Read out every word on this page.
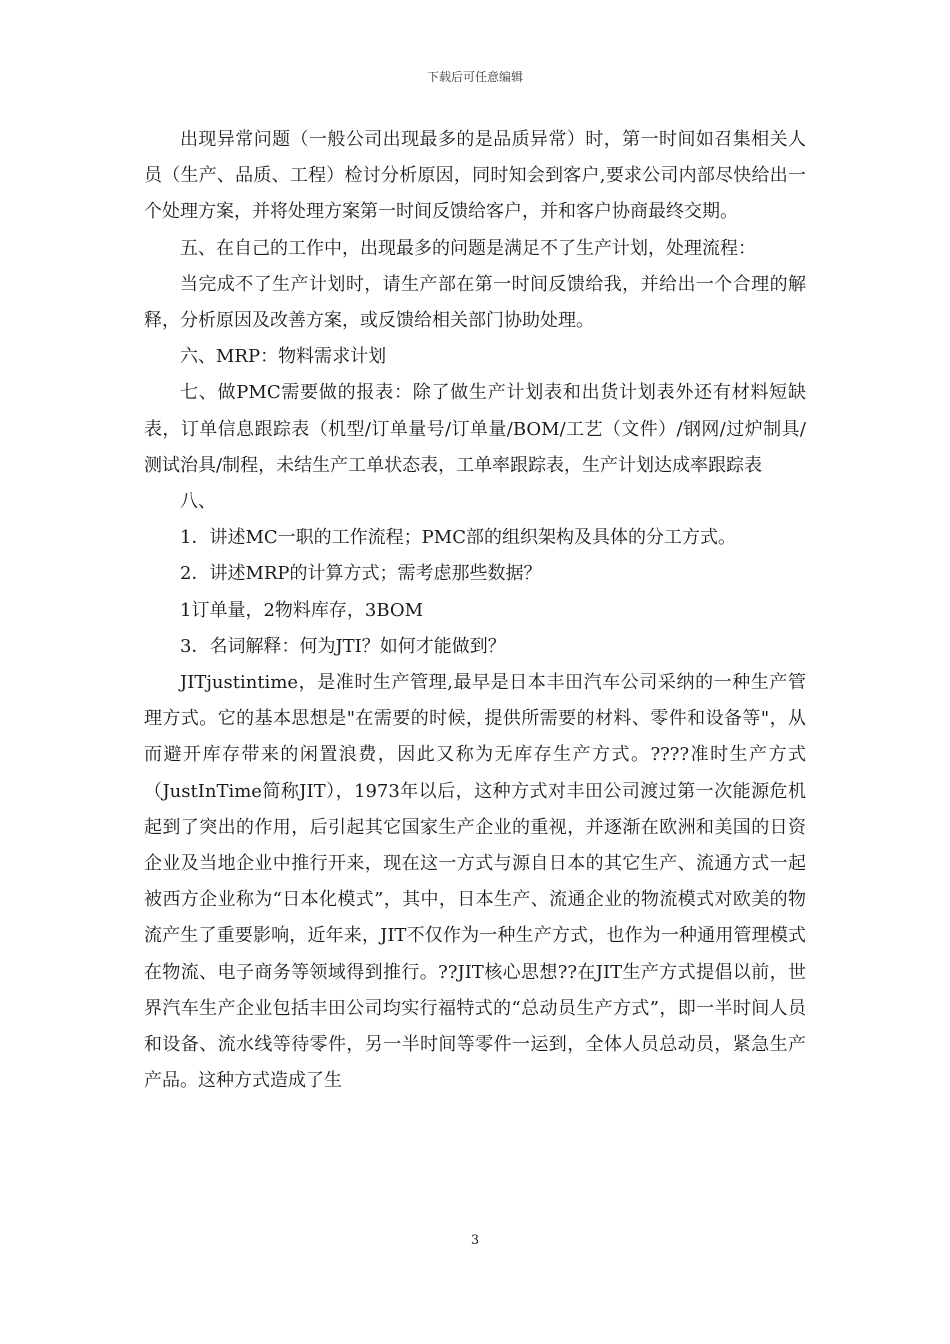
下载后可任意编辑

出现异常问题（一般公司出现最多的是品质异常）时，第一时间如召集相关人员（生产、品质、工程）检讨分析原因，同时知会到客户,要求公司内部尽快给出一个处理方案，并将处理方案第一时间反馈给客户，并和客户协商最终交期。

五、在自己的工作中，出现最多的问题是满足不了生产计划，处理流程：

当完成不了生产计划时，请生产部在第一时间反馈给我，并给出一个合理的解释，分析原因及改善方案，或反馈给相关部门协助处理。

六、MRP：物料需求计划

七、做PMC需要做的报表：除了做生产计划表和出货计划表外还有材料短缺表，订单信息跟踪表（机型/订单量号/订单量/BOM/工艺（文件）/钢网/过炉制具/测试治具/制程，未结生产工单状态表，工单率跟踪表，生产计划达成率跟踪表

八、

1．讲述MC一职的工作流程；PMC部的组织架构及具体的分工方式。

2．讲述MRP的计算方式；需考虑那些数据？

1订单量，2物料库存，3BOM

3．名词解释：何为JTI？如何才能做到？

JITjustintime，是准时生产管理,最早是日本丰田汽车公司采纳的一种生产管理方式。它的基本思想是"在需要的时候，提供所需要的材料、零件和设备等"，从而避开库存带来的闲置浪费，因此又称为无库存生产方式。????准时生产方式（JustInTime简称JIT），1973年以后，这种方式对丰田公司渡过第一次能源危机起到了突出的作用，后引起其它国家生产企业的重视，并逐渐在欧洲和美国的日资企业及当地企业中推行开来，现在这一方式与源自日本的其它生产、流通方式一起被西方企业称为“日本化模式”，其中，日本生产、流通企业的物流模式对欧美的物流产生了重要影响，近年来，JIT不仅作为一种生产方式，也作为一种通用管理模式在物流、电子商务等领域得到推行。??JIT核心思想??在JIT生产方式提倡以前，世界汽车生产企业包括丰田公司均实行福特式的“总动员生产方式”，即一半时间人员和设备、流水线等待零件，另一半时间等零件一运到，全体人员总动员，紧急生产产品。这种方式造成了生

3
